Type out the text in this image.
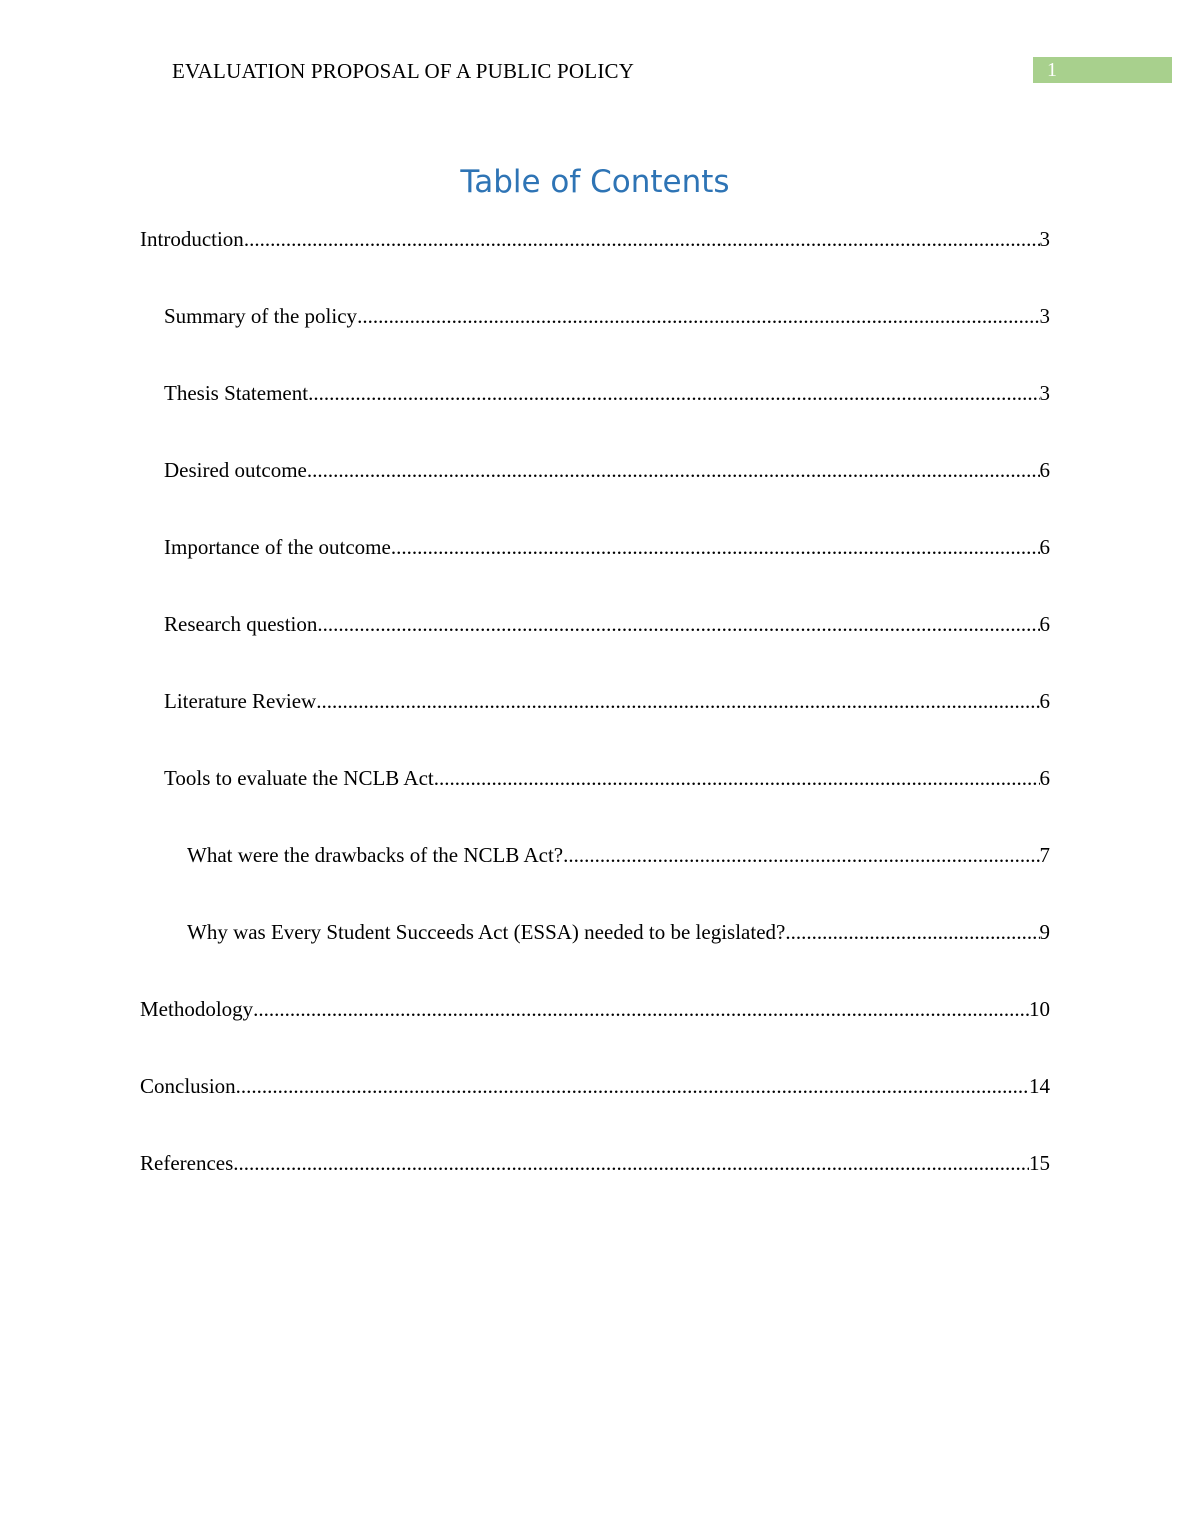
EVALUATION PROPOSAL OF A PUBLIC POLICY	1
Table of Contents
Introduction .....	3
Summary of the policy .....	3
Thesis Statement .....	3
Desired outcome .....	6
Importance of the outcome .....	6
Research question .....	6
Literature Review .....	6
Tools to evaluate the NCLB Act .....	6
What were the drawbacks of the NCLB Act? .....	7
Why was Every Student Succeeds Act (ESSA) needed to be legislated? .....	9
Methodology .....	10
Conclusion .....	14
References .....	15
